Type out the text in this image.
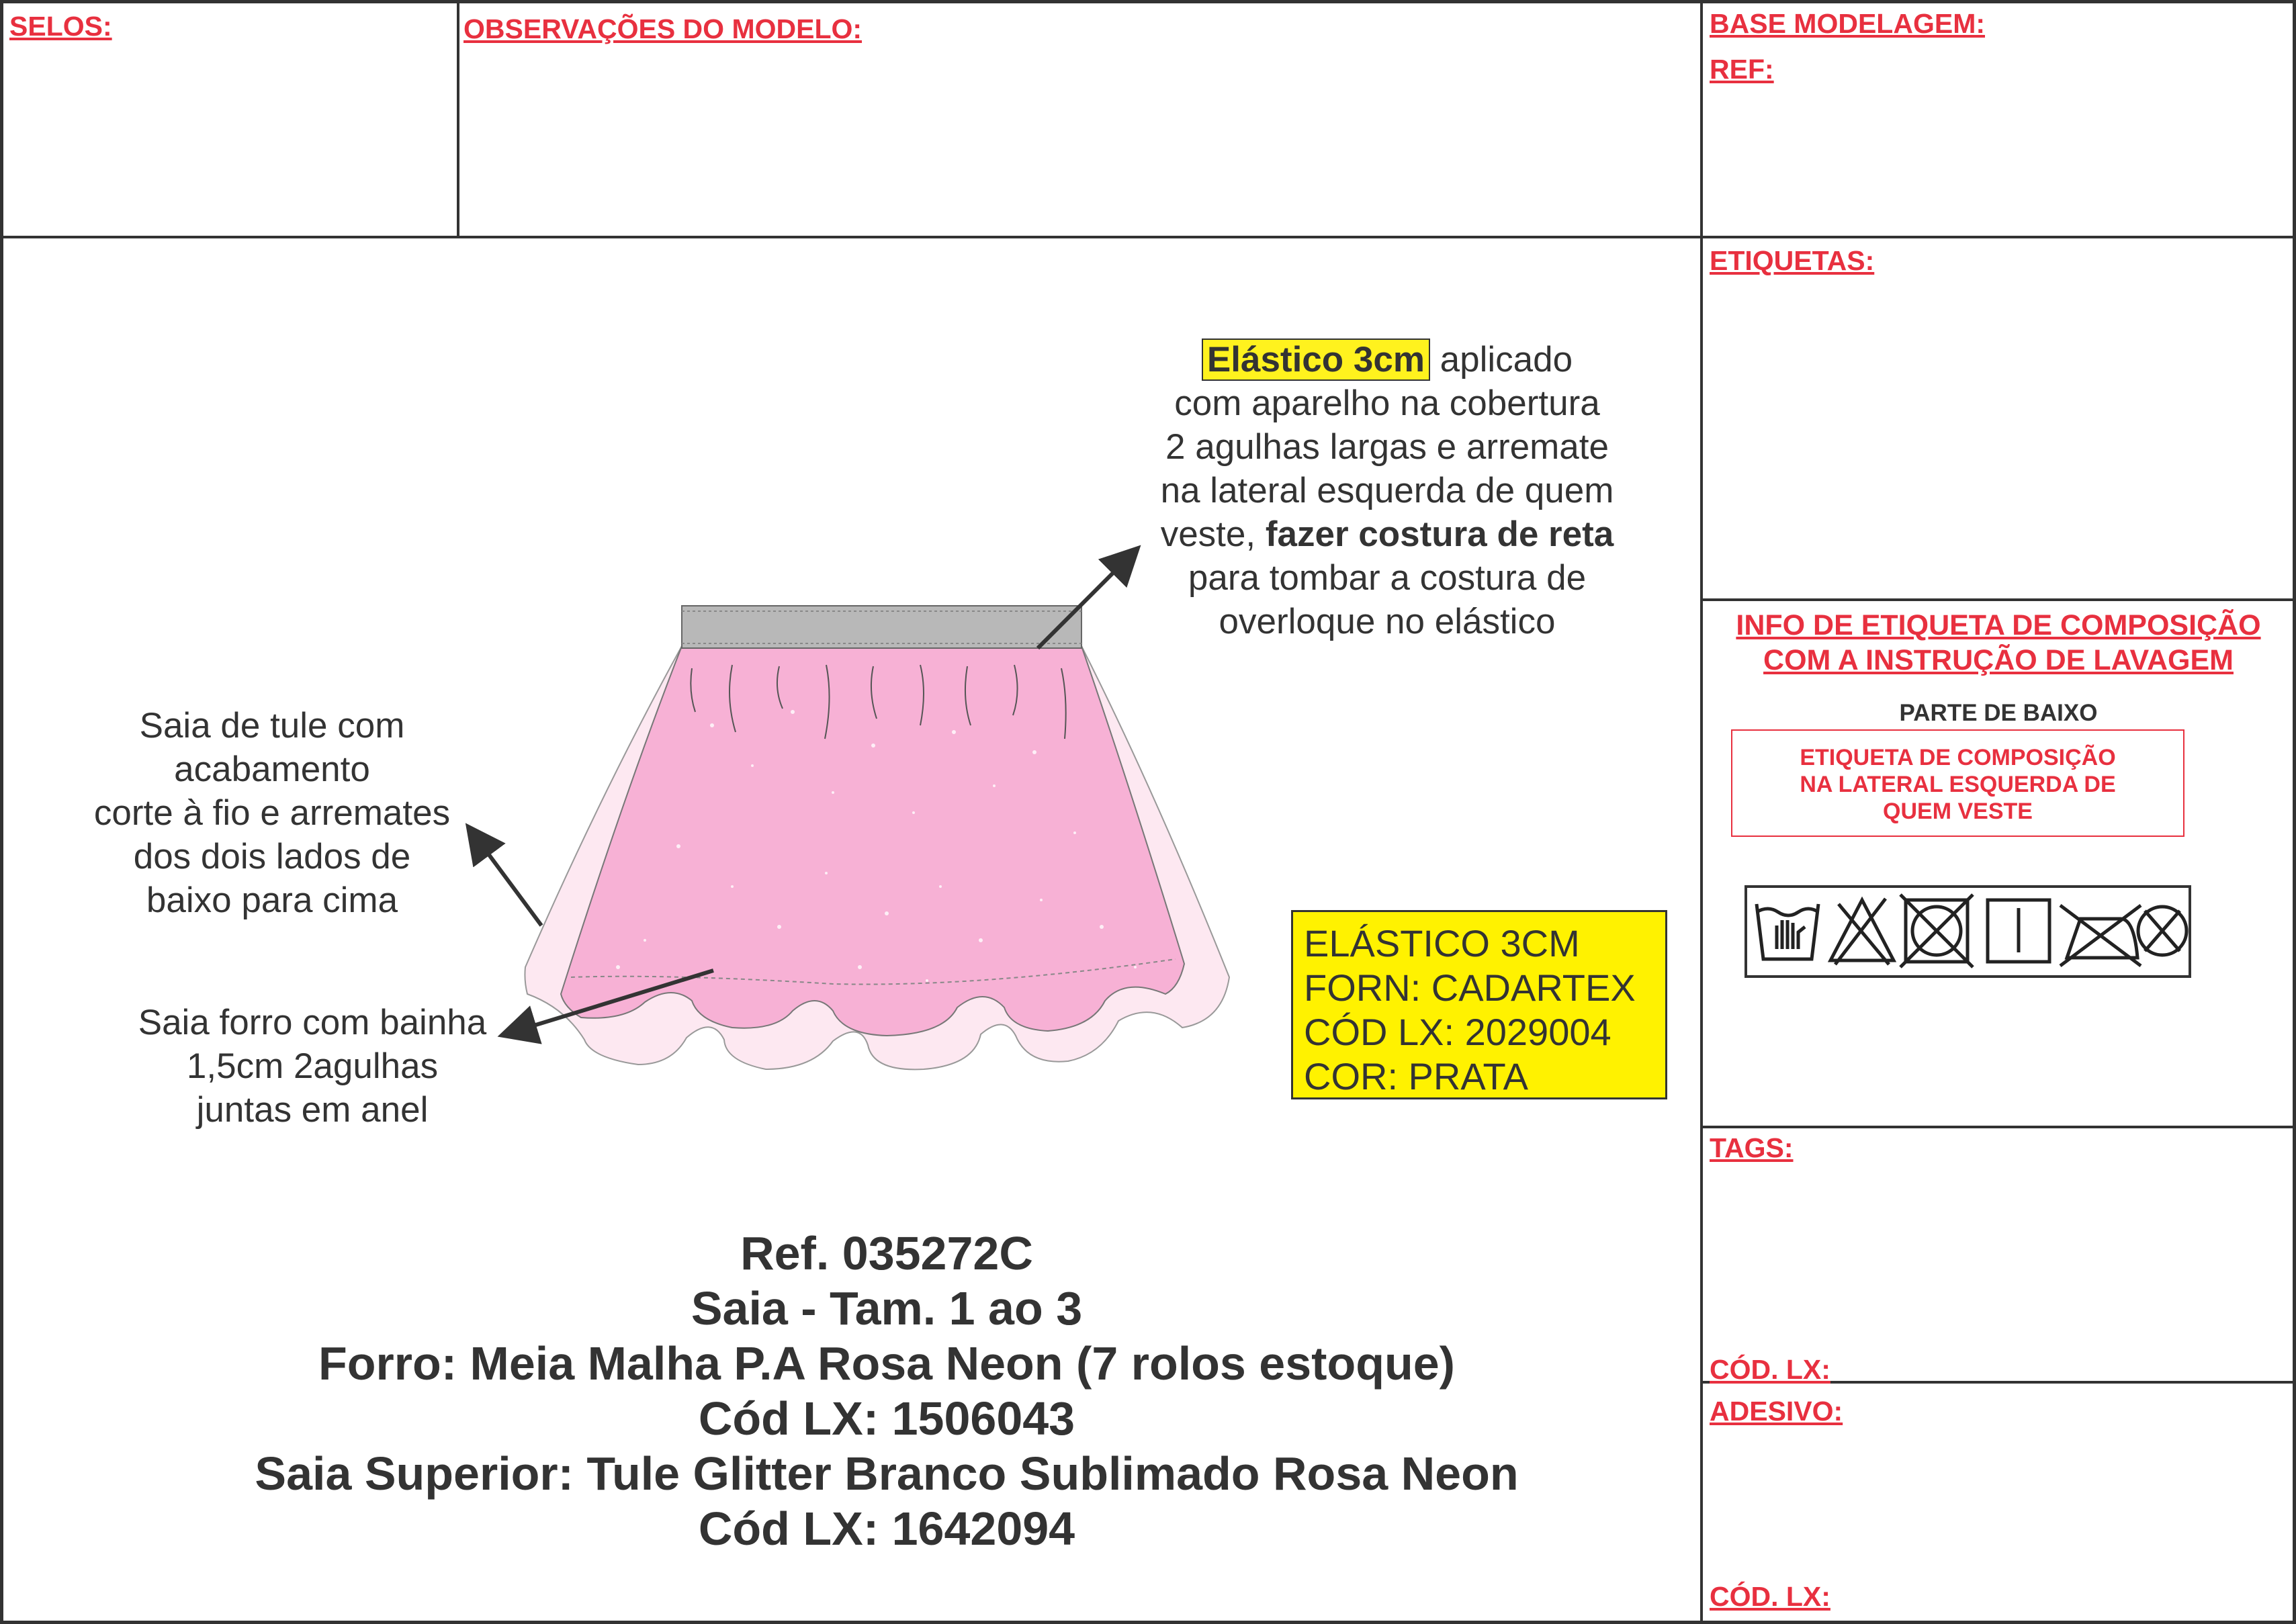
SELOS:	OBSERVAÇÕES DO MODELO:	BASE MODELAGEM:
REF:
ETIQUETAS:
INFO DE ETIQUETA DE COMPOSIÇÃO
COM A INSTRUÇÃO DE LAVAGEM
PARTE DE BAIXO
ETIQUETA DE COMPOSIÇÃO
NA LATERAL ESQUERDA DE
QUEM VESTE
TAGS:
CÓD. LX:
ADESIVO:
CÓD. LX:
Elástico 3cm aplicado
com aparelho na cobertura
2 agulhas largas e arremate
na lateral esquerda de quem
veste, fazer costura de reta
para tombar a costura de
overloque no elástico
Saia de tule com
acabamento
corte à fio e arremates
dos dois lados de
baixo para cima
Saia forro com bainha
1,5cm 2agulhas
juntas em anel
ELÁSTICO 3CM
FORN: CADARTEX
CÓD LX: 2029004
COR: PRATA
Ref. 035272C
Saia - Tam. 1 ao 3
Forro: Meia Malha P.A Rosa Neon (7 rolos estoque)
Cód LX: 1506043
Saia Superior: Tule Glitter Branco Sublimado Rosa Neon
Cód LX: 1642094
